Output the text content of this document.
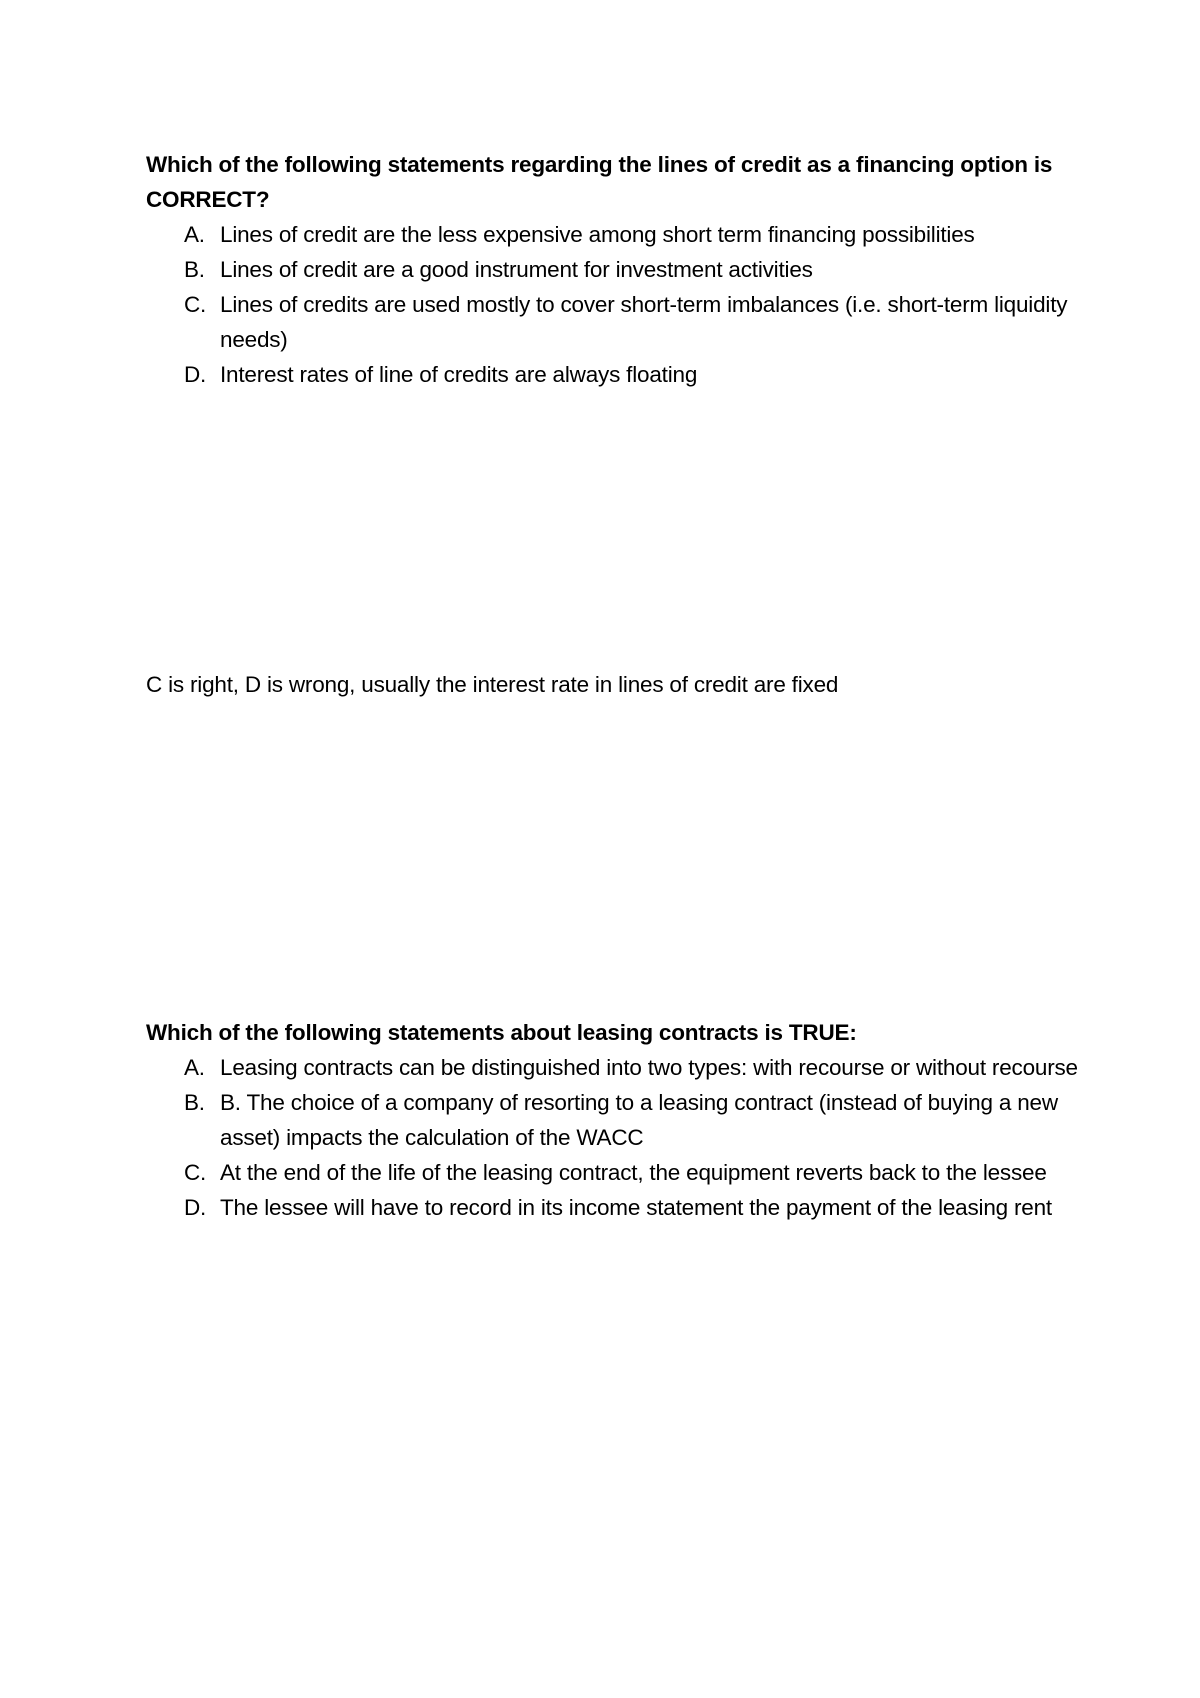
Which of the following statements regarding the lines of credit as a financing option is CORRECT?

A. Lines of credit are the less expensive among short term financing possibilities
B. Lines of credit are a good instrument for investment activities
C. Lines of credits are used mostly to cover short-term imbalances (i.e. short-term liquidity needs)
D. Interest rates of line of credits are always floating

C is right, D is wrong, usually the interest rate in lines of credit are fixed

Which of the following statements about leasing contracts is TRUE:

A. Leasing contracts can be distinguished into two types: with recourse or without recourse
B. B. The choice of a company of resorting to a leasing contract (instead of buying a new asset) impacts the calculation of the WACC
C. At the end of the life of the leasing contract, the equipment reverts back to the lessee
D. The lessee will have to record in its income statement the payment of the leasing rent
